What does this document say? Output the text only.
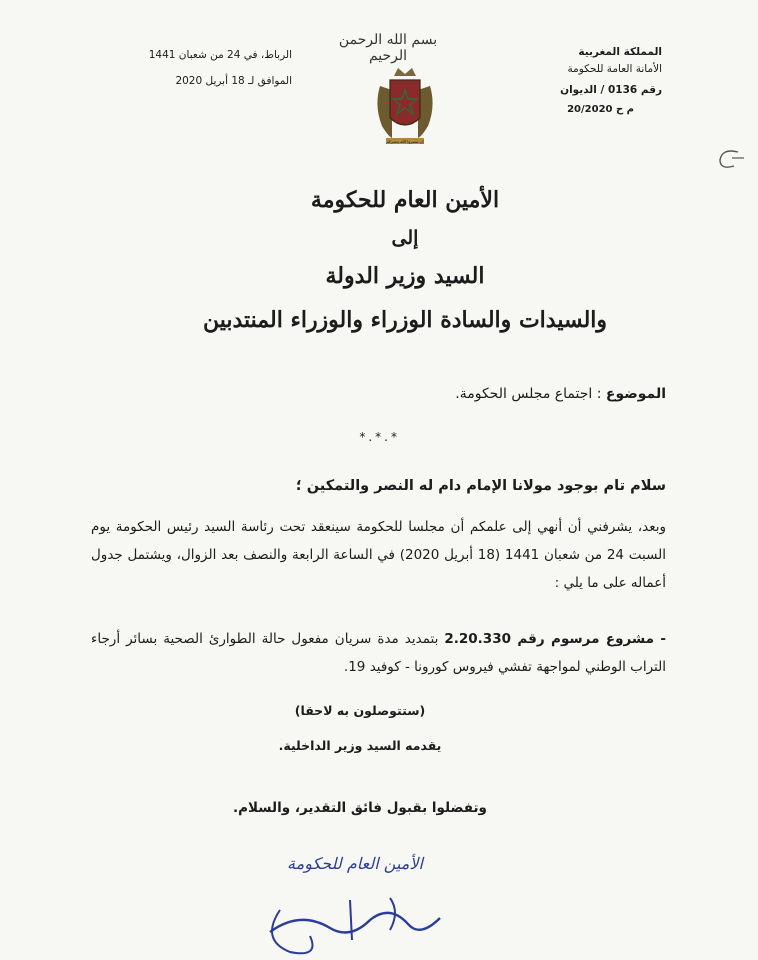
المملكة المغربية
الأمانة العامة للحكومة
رقم 0136 / الديوان
م ح 20/2020
بسم الله الرحمن الرحيم
إن تنصروا الله ينصركم
الرباط، في 24 من شعبان 1441
الموافق لـ 18 أبريل 2020
الأمين العام للحكومة
إلى
السيد وزير الدولة
والسيدات والسادة الوزراء والوزراء المنتدبين
الموضوع : اجتماع مجلس الحكومة.
*.*.*
سلام تام بوجود مولانا الإمام دام له النصر والتمكين ؛
وبعد، يشرفني أن أنهي إلى علمكم أن مجلسا للحكومة سينعقد تحت رئاسة السيد رئيس الحكومة يوم السبت 24 من شعبان 1441 (18 أبريل 2020) في الساعة الرابعة والنصف بعد الزوال، ويشتمل جدول أعماله على ما يلي :
- مشروع مرسوم رقم 2.20.330 بتمديد مدة سريان مفعول حالة الطوارئ الصحية بسائر أرجاء التراب الوطني لمواجهة تفشي فيروس كورونا - كوفيد 19.
(ستتوصلون به لاحقا)
يقدمه السيد وزير الداخلية.
وتفضلوا بقبول فائق التقدير، والسلام.
الأمين العام للحكومة
